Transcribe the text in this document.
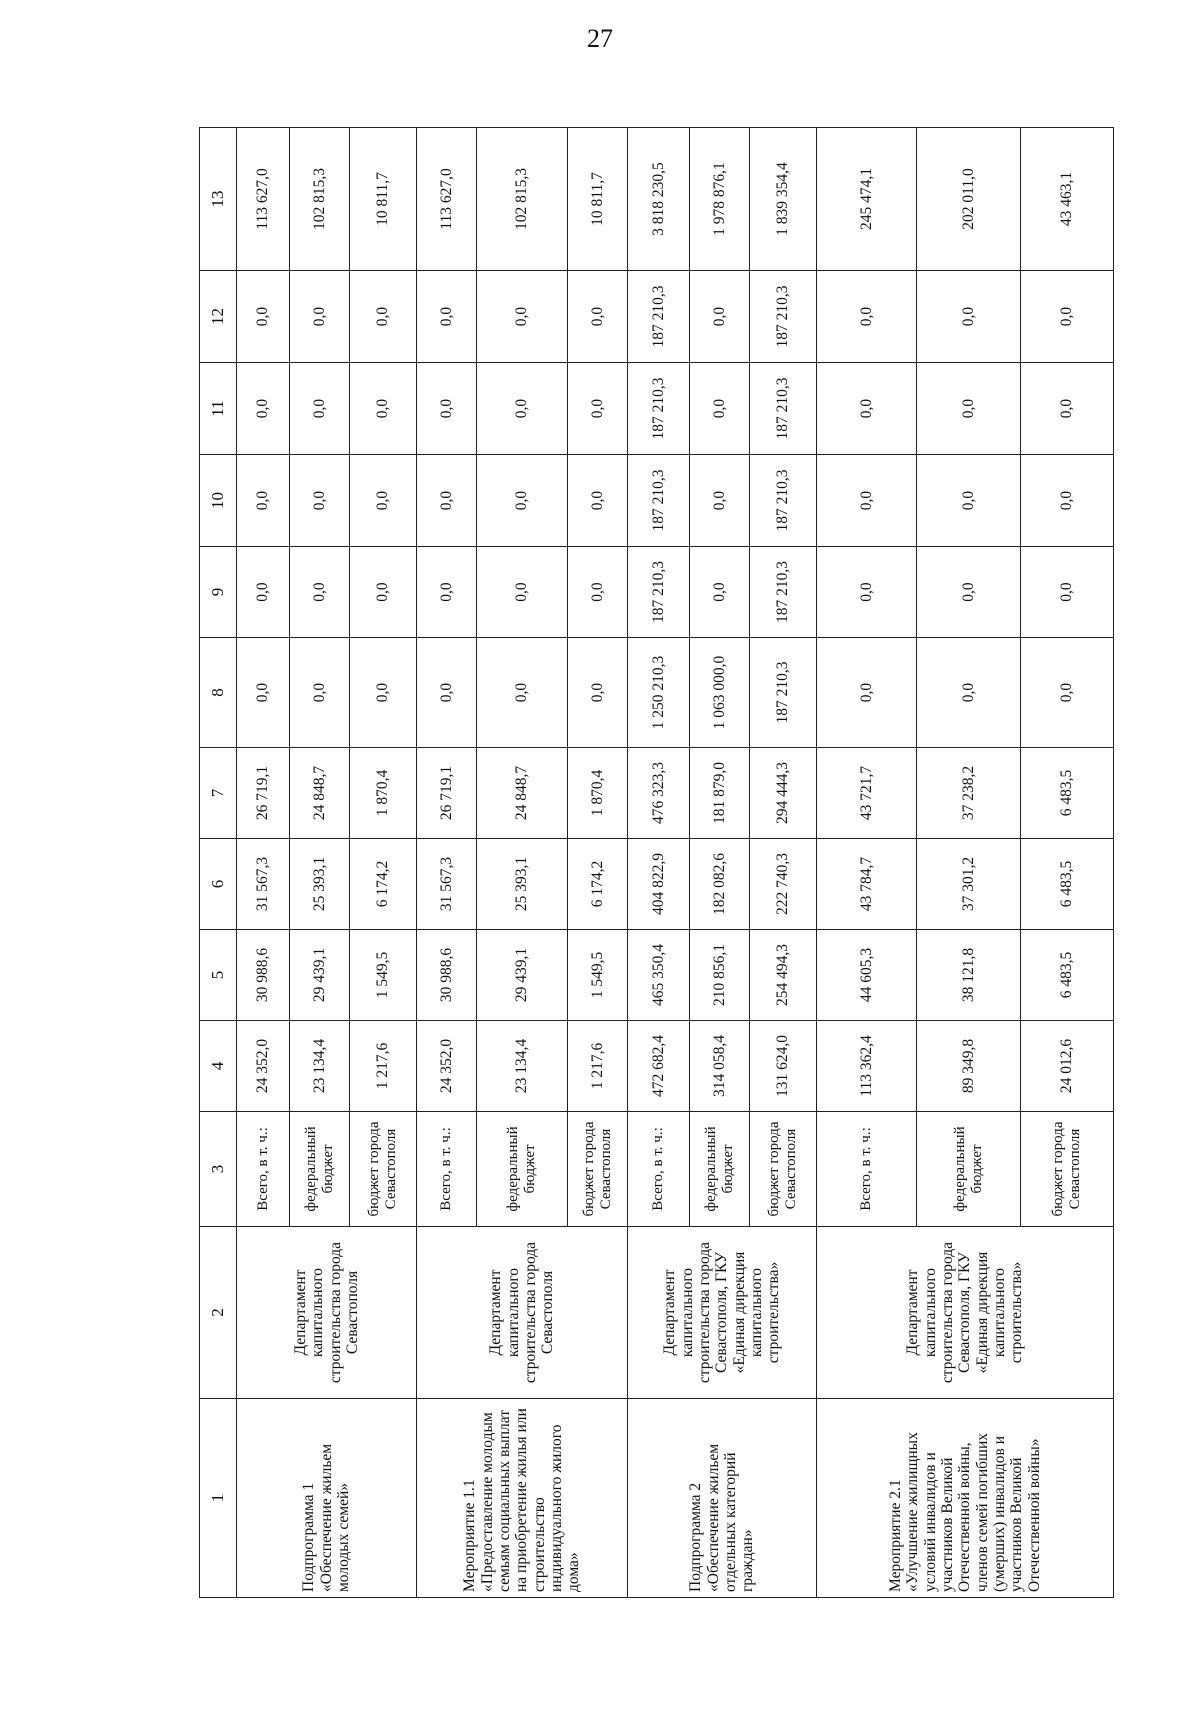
27
1	2	3	4	5	6	7	8	9	10	11	12	13
Подпрограмма 1 «Обеспечение жильем молодых семей»	Департамент капитального строительства города Севастополя	Всего, в т. ч.:	24 352,0	30 988,6	31 567,3	26 719,1	0,0	0,0	0,0	0,0	0,0	113 627,0
		федеральный бюджет	23 134,4	29 439,1	25 393,1	24 848,7	0,0	0,0	0,0	0,0	0,0	102 815,3
		бюджет города Севастополя	1 217,6	1 549,5	6 174,2	1 870,4	0,0	0,0	0,0	0,0	0,0	10 811,7
Мероприятие 1.1 «Предоставление молодым семьям социальных выплат на приобретение жилья или строительство индивидуального жилого дома»	Департамент капитального строительства города Севастополя	Всего, в т. ч.:	24 352,0	30 988,6	31 567,3	26 719,1	0,0	0,0	0,0	0,0	0,0	113 627,0
		федеральный бюджет	23 134,4	29 439,1	25 393,1	24 848,7	0,0	0,0	0,0	0,0	0,0	102 815,3
		бюджет города Севастополя	1 217,6	1 549,5	6 174,2	1 870,4	0,0	0,0	0,0	0,0	0,0	10 811,7
Подпрограмма 2 «Обеспечение жильем отдельных категорий граждан»	Департамент капитального строительства города Севастополя, ГКУ «Единая дирекция капитального строительства»	Всего, в т. ч.:	472 682,4	465 350,4	404 822,9	476 323,3	1 250 210,3	187 210,3	187 210,3	187 210,3	187 210,3	3 818 230,5
		федеральный бюджет	314 058,4	210 856,1	182 082,6	181 879,0	1 063 000,0	0,0	0,0	0,0	0,0	1 978 876,1
		бюджет города Севастополя	131 624,0	254 494,3	222 740,3	294 444,3	187 210,3	187 210,3	187 210,3	187 210,3	187 210,3	1 839 354,4
Мероприятие 2.1 «Улучшение жилищных условий инвалидов и участников Великой Отечественной войны, членов семей погибших (умерших) инвалидов и участников Великой Отечественной войны»	Департамент капитального строительства города Севастополя, ГКУ «Единая дирекция капитального строительства»	Всего, в т. ч.:	113 362,4	44 605,3	43 784,7	43 721,7	0,0	0,0	0,0	0,0	0,0	245 474,1
		федеральный бюджет	89 349,8	38 121,8	37 301,2	37 238,2	0,0	0,0	0,0	0,0	0,0	202 011,0
		бюджет города Севастополя	24 012,6	6 483,5	6 483,5	6 483,5	0,0	0,0	0,0	0,0	0,0	43 463,1
